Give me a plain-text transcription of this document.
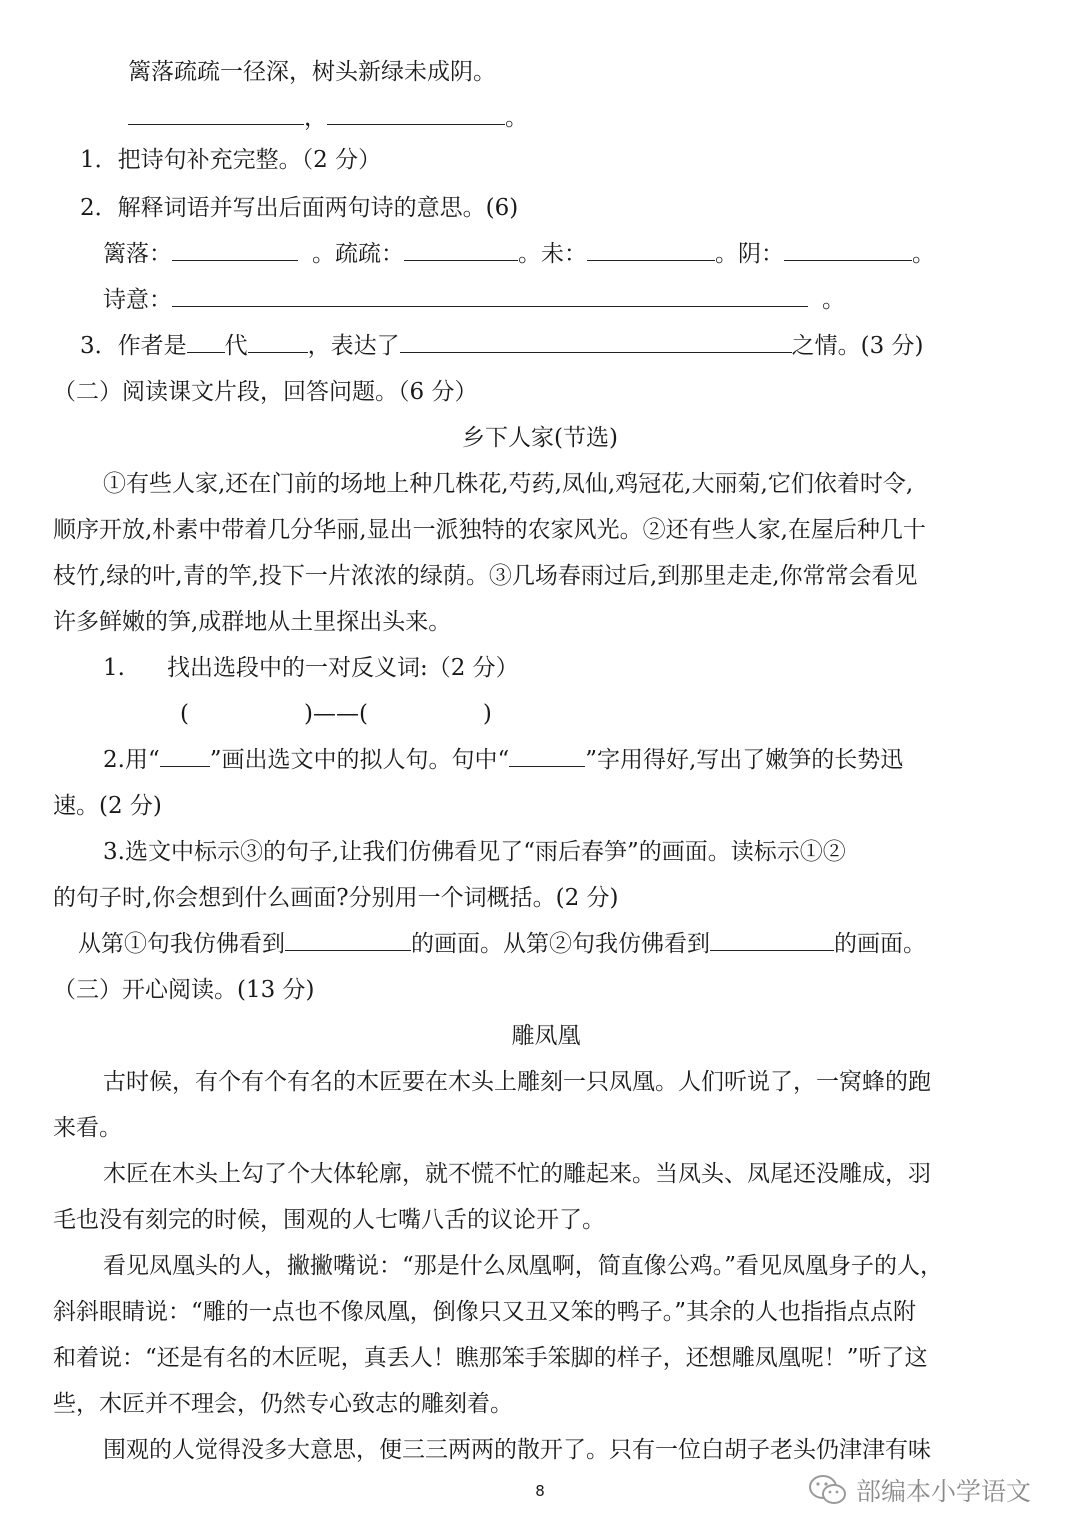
篱落疏疏一径深，树头新绿未成阴。
，	。
1．把诗句补充完整。（2 分）
2．解释词语并写出后面两句诗的意思。(6)
篱落：	。疏疏：	。未：	。阴：	。
诗意：	。
3．作者是 代	，表达了	之情。(3 分)
（二）阅读课文片段，回答问题。（6 分）
乡下人家(节选)
①有些人家,还在门前的场地上种几株花,芍药,凤仙,鸡冠花,大丽菊,它们依着时令,
顺序开放,朴素中带着几分华丽,显出一派独特的农家风光。②还有些人家,在屋后种几十
枝竹,绿的叶,青的竿,投下一片浓浓的绿荫。③几场春雨过后,到那里走走,你常常会看见
许多鲜嫩的笋,成群地从土里探出头来。
1. 找出选段中的一对反义词:（2 分）
(　　　　　)——(　　　　　)
2.用“ ”画出选文中的拟人句。句中“	”字用得好,写出了嫩笋的长势迅
速。(2 分)
3.选文中标示③的句子,让我们仿佛看见了“雨后春笋”的画面。读标示①②
的句子时,你会想到什么画面?分别用一个词概括。(2 分)
从第①句我仿佛看到	的画面。从第②句我仿佛看到	的画面。
（三）开心阅读。(13 分)
雕凤凰
古时候，有个有个有名的木匠要在木头上雕刻一只凤凰。人们听说了，一窝蜂的跑
来看。
木匠在木头上勾了个大体轮廓，就不慌不忙的雕起来。当凤头、凤尾还没雕成，羽
毛也没有刻完的时候，围观的人七嘴八舌的议论开了。
看见凤凰头的人，撇撇嘴说：“那是什么凤凰啊，简直像公鸡。”看见凤凰身子的人，
斜斜眼睛说：“雕的一点也不像凤凰，倒像只又丑又笨的鸭子。”其余的人也指指点点附
和着说：“还是有名的木匠呢，真丢人！瞧那笨手笨脚的样子，还想雕凤凰呢！”听了这
些，木匠并不理会，仍然专心致志的雕刻着。
围观的人觉得没多大意思，便三三两两的散开了。只有一位白胡子老头仍津津有味
8	部编本小学语文
